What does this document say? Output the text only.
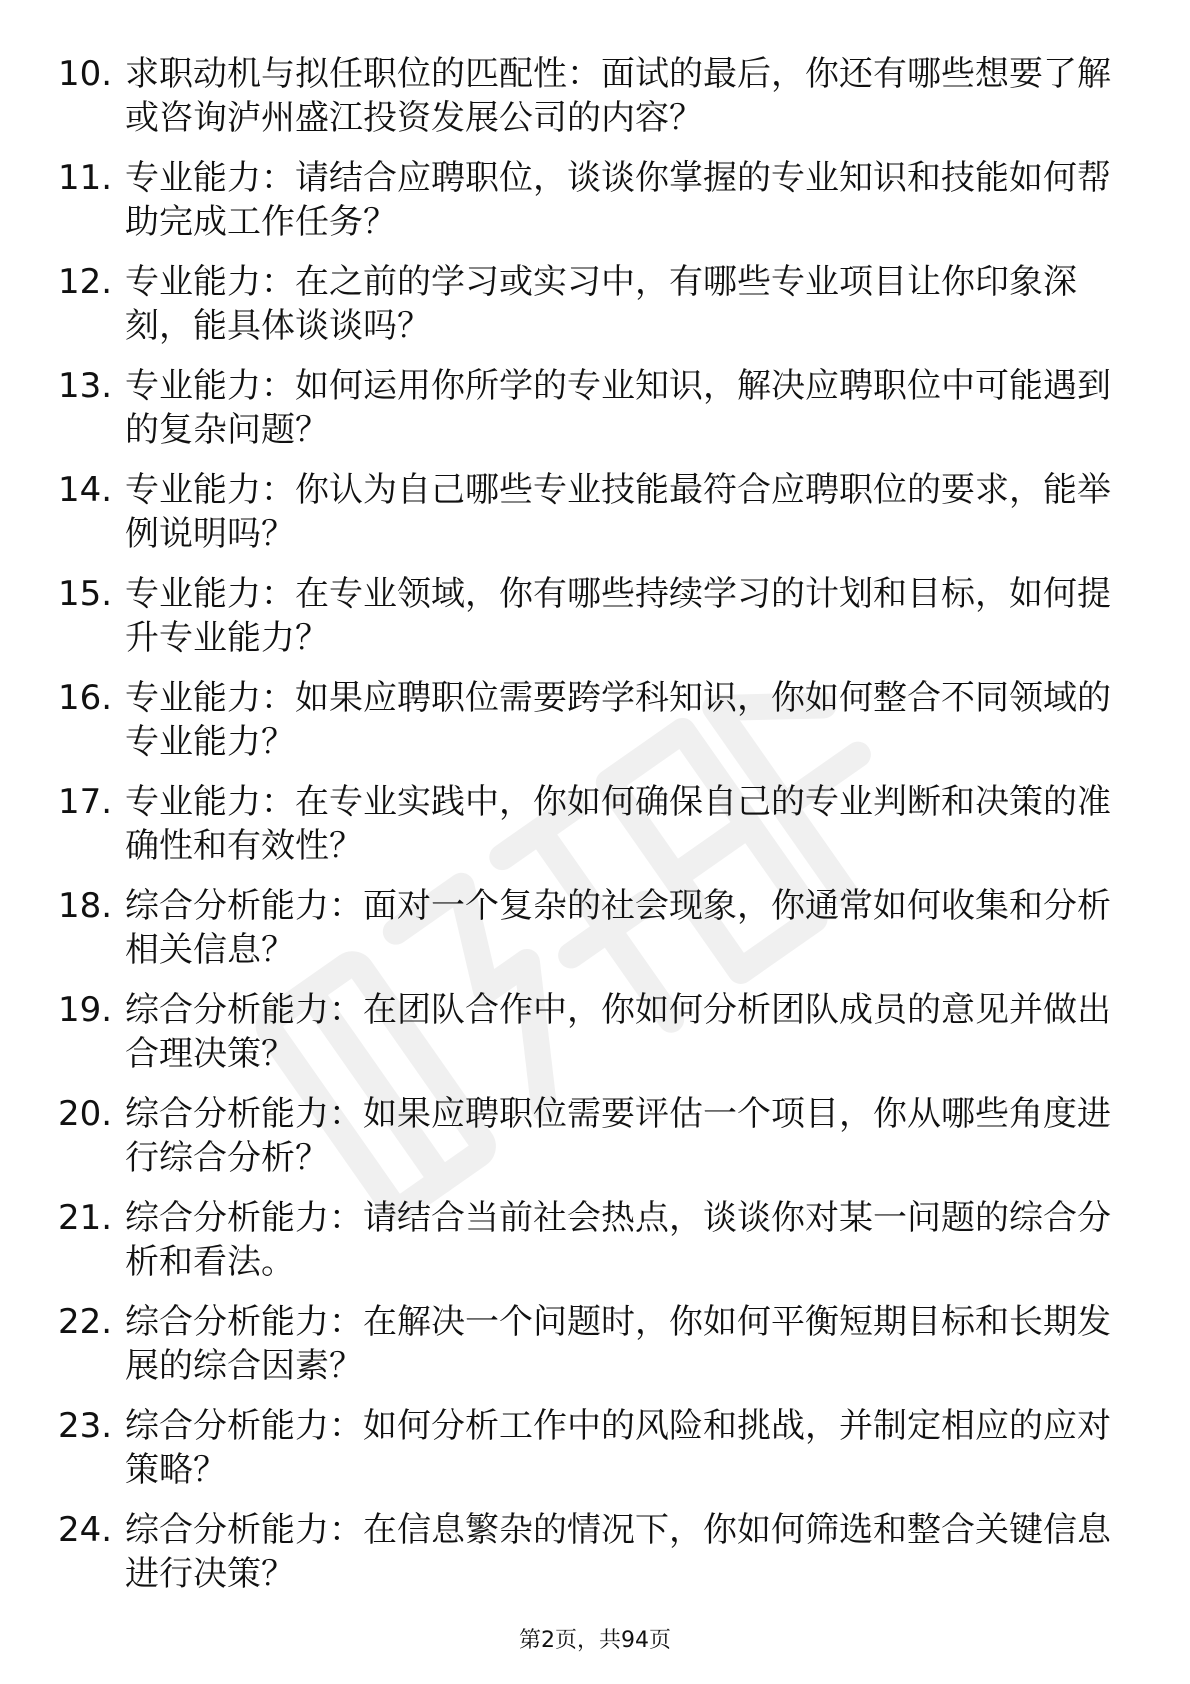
10. 求职动机与拟任职位的匹配性：面试的最后，你还有哪些想要了解或咨询泸州盛江投资发展公司的内容？
11. 专业能力：请结合应聘职位，谈谈你掌握的专业知识和技能如何帮助完成工作任务？
12. 专业能力：在之前的学习或实习中，有哪些专业项目让你印象深刻，能具体谈谈吗？
13. 专业能力：如何运用你所学的专业知识，解决应聘职位中可能遇到的复杂问题？
14. 专业能力：你认为自己哪些专业技能最符合应聘职位的要求，能举例说明吗？
15. 专业能力：在专业领域，你有哪些持续学习的计划和目标，如何提升专业能力？
16. 专业能力：如果应聘职位需要跨学科知识，你如何整合不同领域的专业能力？
17. 专业能力：在专业实践中，你如何确保自己的专业判断和决策的准确性和有效性？
18. 综合分析能力：面对一个复杂的社会现象，你通常如何收集和分析相关信息？
19. 综合分析能力：在团队合作中，你如何分析团队成员的意见并做出合理决策？
20. 综合分析能力：如果应聘职位需要评估一个项目，你从哪些角度进行综合分析？
21. 综合分析能力：请结合当前社会热点，谈谈你对某一问题的综合分析和看法。
22. 综合分析能力：在解决一个问题时，你如何平衡短期目标和长期发展的综合因素？
23. 综合分析能力：如何分析工作中的风险和挑战，并制定相应的应对策略？
24. 综合分析能力：在信息繁杂的情况下，你如何筛选和整合关键信息进行决策？
第2页，共94页
